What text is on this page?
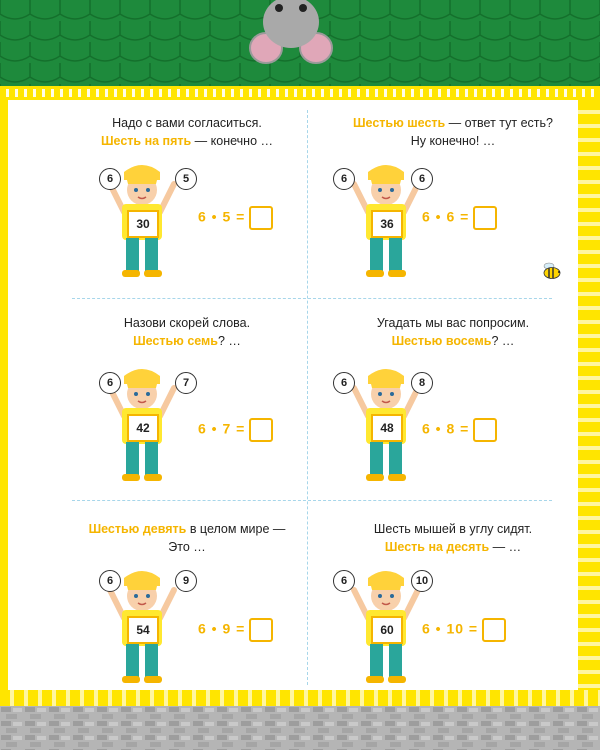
Надо с вами согласиться.
Шесть на пять — конечно …
30
6	5
6 • 5 =
Шестью шесть — ответ тут есть?
Ну конечно! …
36
6	6
6 • 6 =
Назови скорей слова.
Шестью семь? …
42
6	7
6 • 7 =
Угадать мы вас попросим.
Шестью восемь? …
48
6	8
6 • 8 =
Шестью девять в целом мире —
Это …
54
6	9
6 • 9 =
Шесть мышей в углу сидят.
Шесть на десять — …
60
6	10
6 • 10 =
